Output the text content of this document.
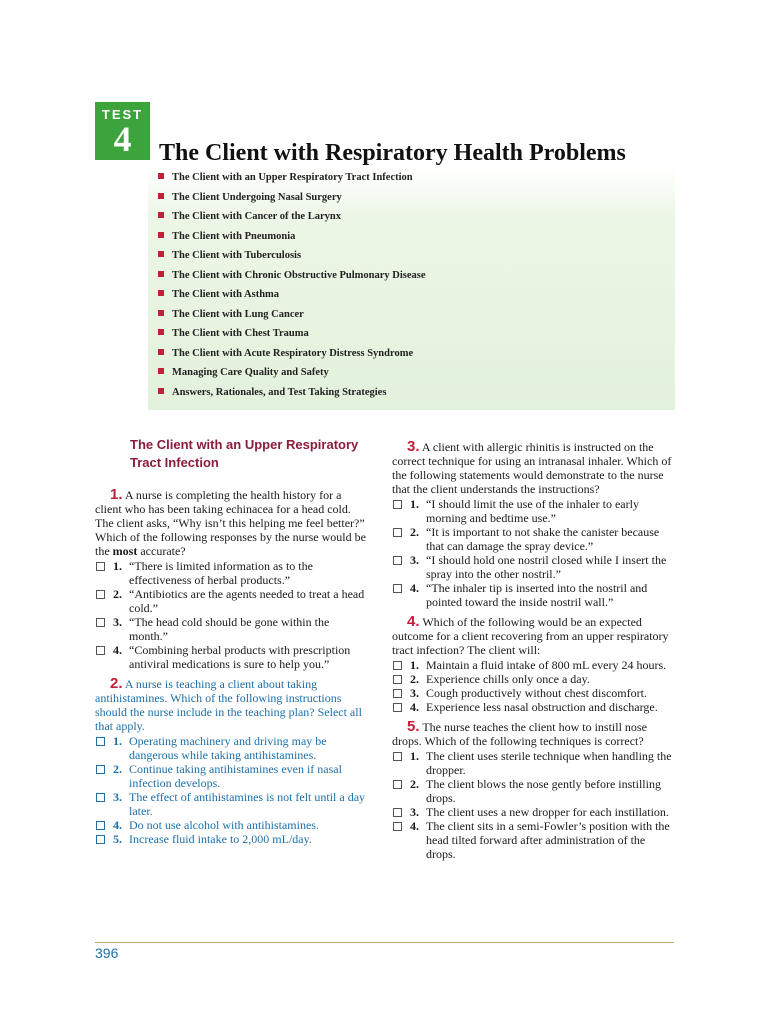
TEST
4	The Client with Respiratory Health Problems
The Client with an Upper Respiratory Tract Infection
The Client Undergoing Nasal Surgery
The Client with Cancer of the Larynx
The Client with Pneumonia
The Client with Tuberculosis
The Client with Chronic Obstructive Pulmonary Disease
The Client with Asthma
The Client with Lung Cancer
The Client with Chest Trauma
The Client with Acute Respiratory Distress Syndrome
Managing Care Quality and Safety
Answers, Rationales, and Test Taking Strategies
The Client with an Upper Respiratory
Tract Infection
1. A nurse is completing the health history for a client who has been taking echinacea for a head cold. The client asks, “Why isn’t this helping me feel better?” Which of the following responses by the nurse would be the most accurate?
1. “There is limited information as to the effectiveness of herbal products.”
2. “Antibiotics are the agents needed to treat a head cold.”
3. “The head cold should be gone within the month.”
4. “Combining herbal products with prescription antiviral medications is sure to help you.”
2. A nurse is teaching a client about taking antihistamines. Which of the following instructions should the nurse include in the teaching plan? Select all that apply.
1. Operating machinery and driving may be dangerous while taking antihistamines.
2. Continue taking antihistamines even if nasal infection develops.
3. The effect of antihistamines is not felt until a day later.
4. Do not use alcohol with antihistamines.
5. Increase fluid intake to 2,000 mL/day.
3. A client with allergic rhinitis is instructed on the correct technique for using an intranasal inhaler. Which of the following statements would demonstrate to the nurse that the client understands the instructions?
1. “I should limit the use of the inhaler to early morning and bedtime use.”
2. “It is important to not shake the canister because that can damage the spray device.”
3. “I should hold one nostril closed while I insert the spray into the other nostril.”
4. “The inhaler tip is inserted into the nostril and pointed toward the inside nostril wall.”
4. Which of the following would be an expected outcome for a client recovering from an upper respiratory tract infection? The client will:
1. Maintain a fluid intake of 800 mL every 24 hours.
2. Experience chills only once a day.
3. Cough productively without chest discomfort.
4. Experience less nasal obstruction and discharge.
5. The nurse teaches the client how to instill nose drops. Which of the following techniques is correct?
1. The client uses sterile technique when handling the dropper.
2. The client blows the nose gently before instilling drops.
3. The client uses a new dropper for each instillation.
4. The client sits in a semi-Fowler’s position with the head tilted forward after administration of the drops.
396
